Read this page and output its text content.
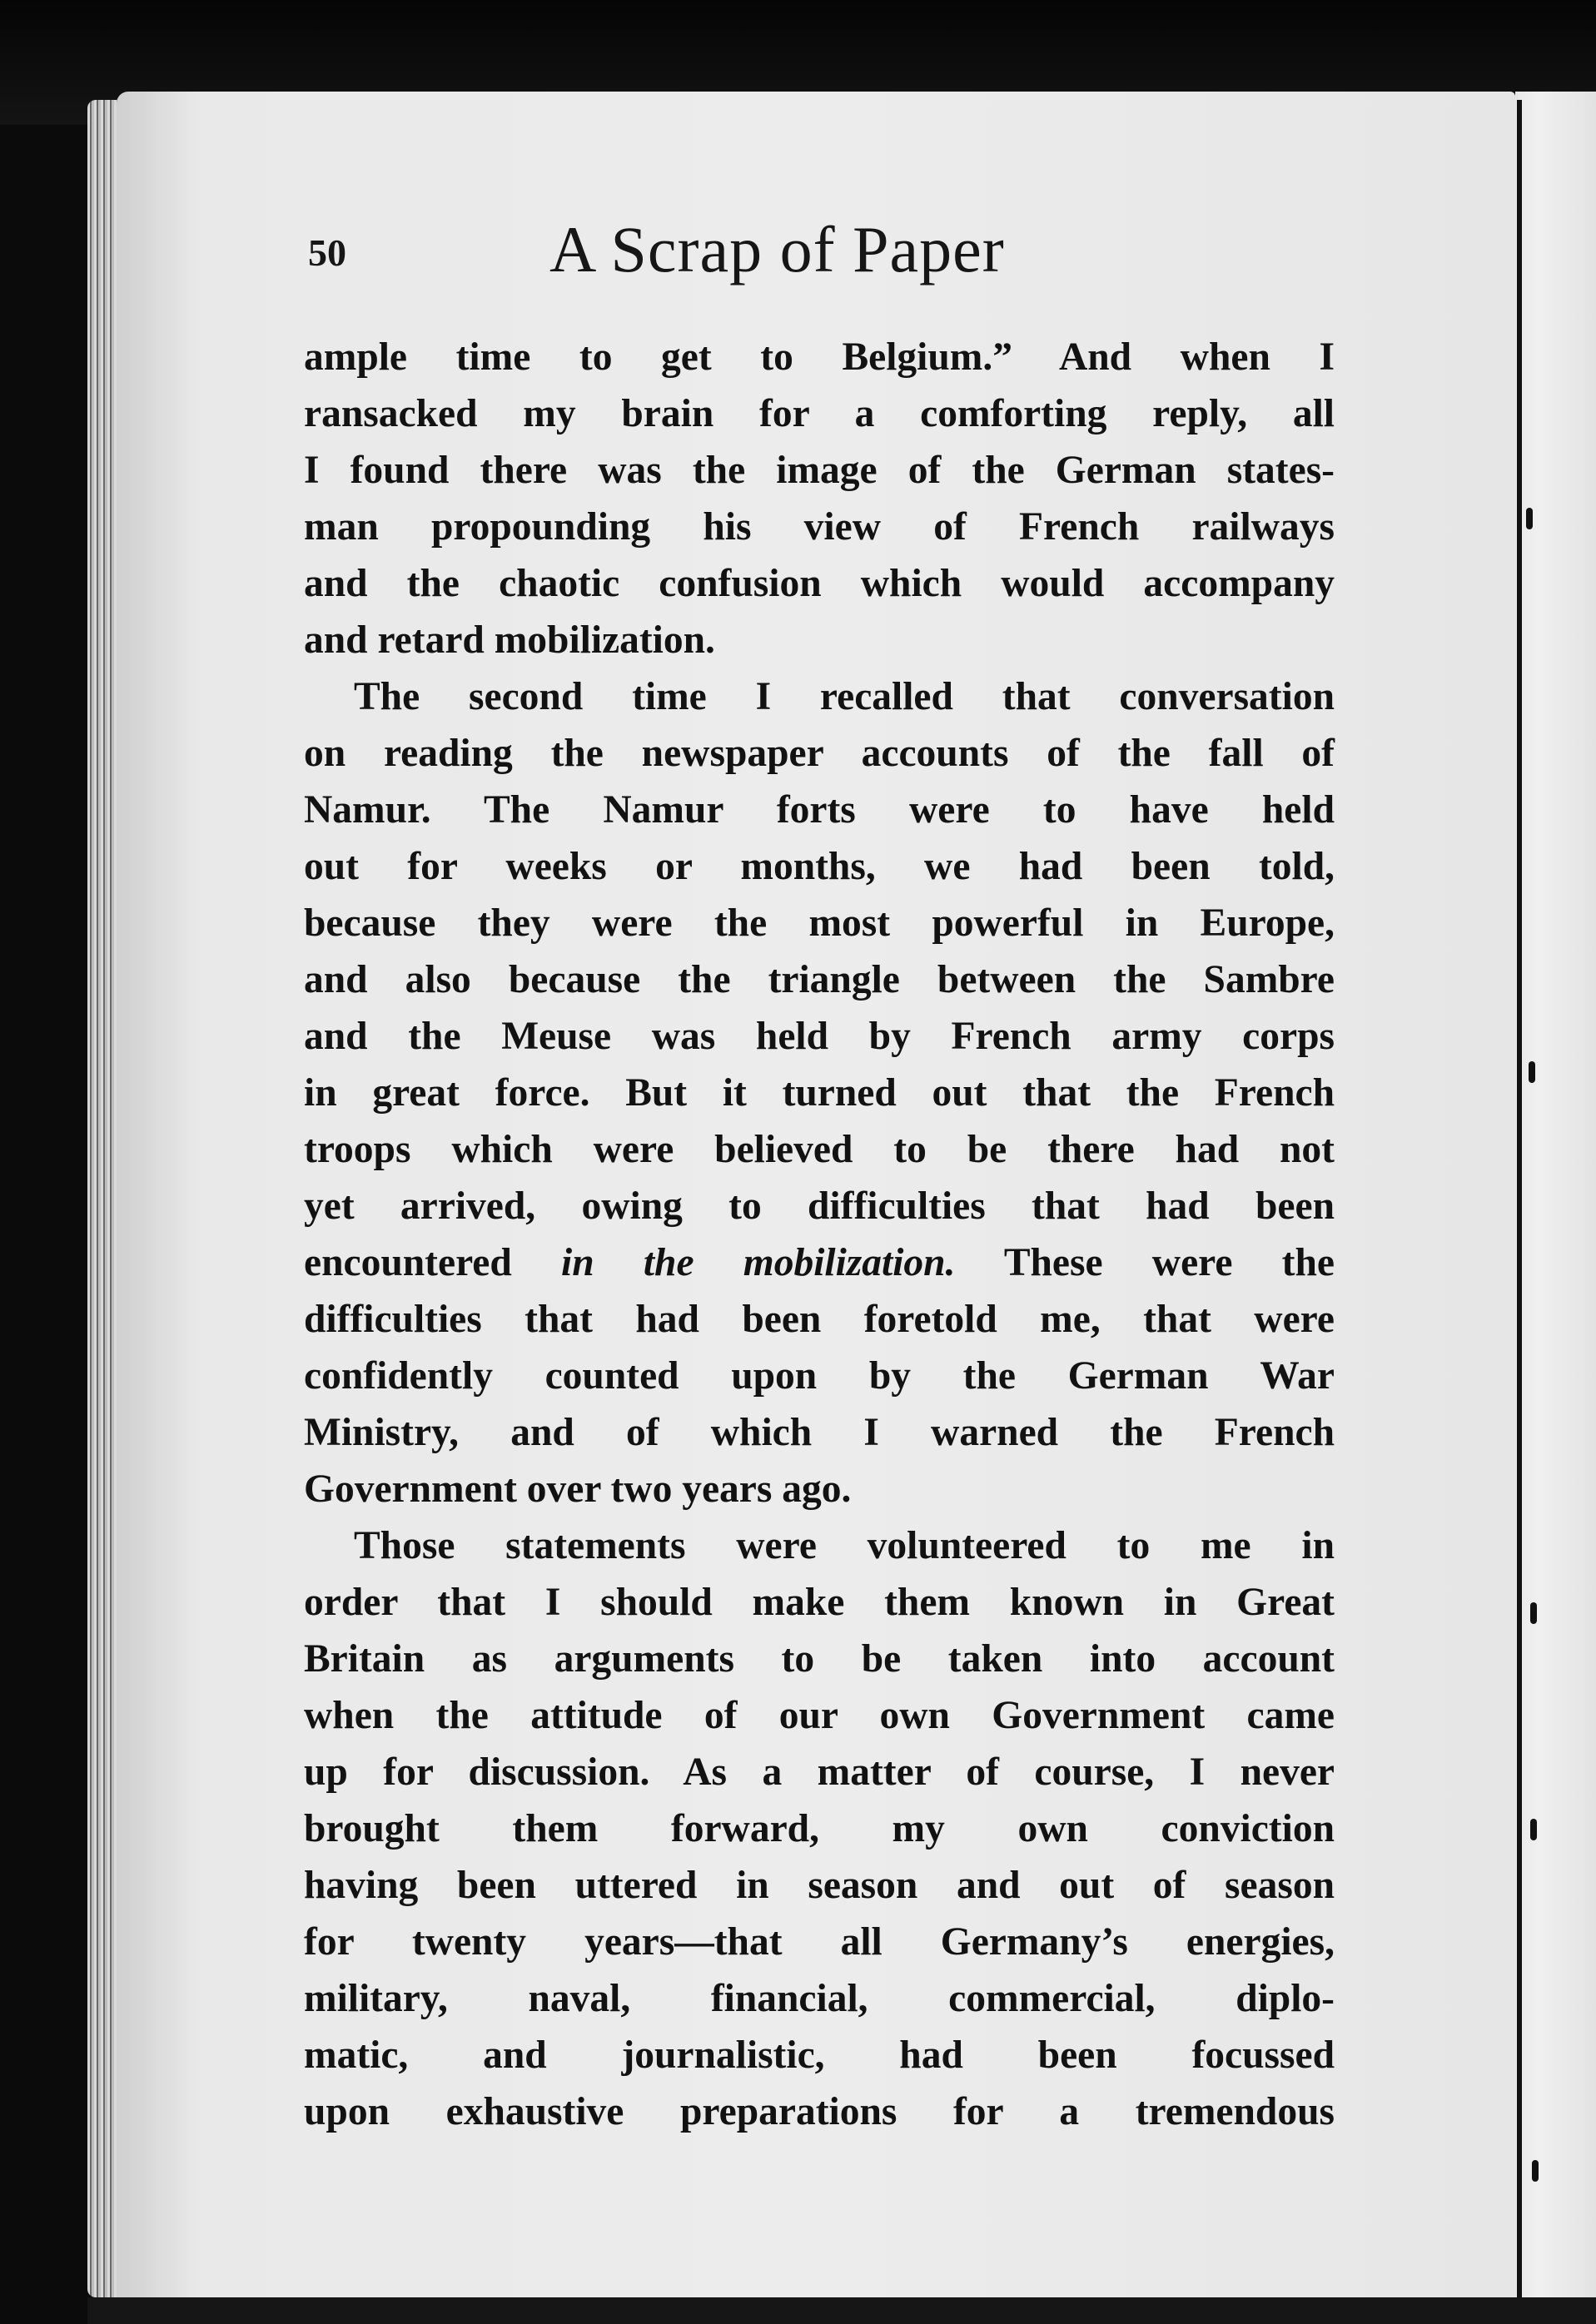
50	A Scrap of Paper
ample time to get to Belgium.” And when I
ransacked my brain for a comforting reply, all
I found there was the image of the German states-
man propounding his view of French railways
and the chaotic confusion which would accompany
and retard mobilization.
The second time I recalled that conversation
on reading the newspaper accounts of the fall of
Namur. The Namur forts were to have held
out for weeks or months, we had been told,
because they were the most powerful in Europe,
and also because the triangle between the Sambre
and the Meuse was held by French army corps
in great force. But it turned out that the French
troops which were believed to be there had not
yet arrived, owing to difficulties that had been
encountered in the mobilization. These were the
difficulties that had been foretold me, that were
confidently counted upon by the German War
Ministry, and of which I warned the French
Government over two years ago.
Those statements were volunteered to me in
order that I should make them known in Great
Britain as arguments to be taken into account
when the attitude of our own Government came
up for discussion. As a matter of course, I never
brought them forward, my own conviction
having been uttered in season and out of season
for twenty years—that all Germany’s energies,
military, naval, financial, commercial, diplo-
matic, and journalistic, had been focussed
upon exhaustive preparations for a tremendous
